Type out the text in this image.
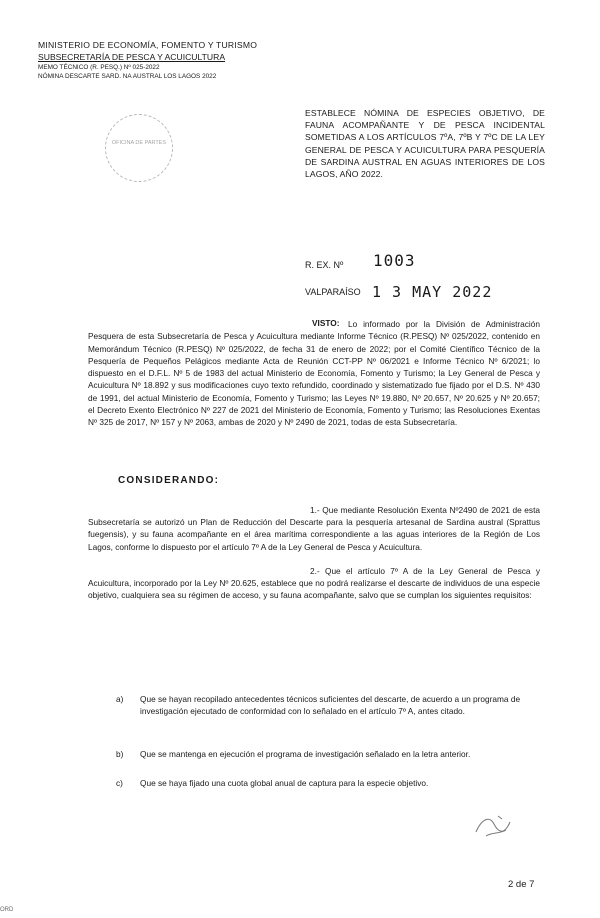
MINISTERIO DE ECONOMÍA, FOMENTO Y TURISMO
SUBSECRETARÍA DE PESCA Y ACUICULTURA
MEMO TÉCNICO (R. PESQ.) Nº 025-2022
NÓMINA DESCARTE SARD. NA AUSTRAL LOS LAGOS 2022
OFICINA DE PARTES
ESTABLECE NÓMINA DE ESPECIES OBJETIVO, DE FAUNA ACOMPAÑANTE Y DE PESCA INCIDENTAL SOMETIDAS A LOS ARTÍCULOS 7ºA, 7ºB Y 7ºC DE LA LEY GENERAL DE PESCA Y ACUICULTURA PARA PESQUERÍA DE SARDINA AUSTRAL EN AGUAS INTERIORES DE LOS LAGOS, AÑO 2022.
R. EX. Nº 1003
VALPARAÍSO 1 3 MAY 2022
VISTO:	Lo informado por la División de Administración Pesquera de esta Subsecretaría de Pesca y Acuicultura mediante Informe Técnico (R.PESQ) Nº 025/2022, contenido en Memorándum Técnico (R.PESQ) Nº 025/2022, de fecha 31 de enero de 2022; por el Comité Científico Técnico de la Pesquería de Pequeños Pelágicos mediante Acta de Reunión CCT-PP Nº 06/2021 e Informe Técnico Nº 6/2021; lo dispuesto en el D.F.L. Nº 5 de 1983 del actual Ministerio de Economía, Fomento y Turismo; la Ley General de Pesca y Acuicultura Nº 18.892 y sus modificaciones cuyo texto refundido, coordinado y sistematizado fue fijado por el D.S. Nº 430 de 1991, del actual Ministerio de Economía, Fomento y Turismo; las Leyes Nº 19.880, Nº 20.657, Nº 20.625 y Nº 20.657; el Decreto Exento Electrónico Nº 227 de 2021 del Ministerio de Economía, Fomento y Turismo; las Resoluciones Exentas Nº 325 de 2017, Nº 157 y Nº 2063, ambas de 2020 y Nº 2490 de 2021, todas de esta Subsecretaría.
CONSIDERANDO:
1.- Que mediante Resolución Exenta Nº2490 de 2021 de esta Subsecretaría se autorizó un Plan de Reducción del Descarte para la pesquería artesanal de Sardina austral (Sprattus fuegensis), y su fauna acompañante en el área marítima correspondiente a las aguas interiores de la Región de Los Lagos, conforme lo dispuesto por el artículo 7º A de la Ley General de Pesca y Acuicultura.
2.- Que el artículo 7º A de la Ley General de Pesca y Acuicultura, incorporado por la Ley Nº 20.625, establece que no podrá realizarse el descarte de individuos de una especie objetivo, cualquiera sea su régimen de acceso, y su fauna acompañante, salvo que se cumplan los siguientes requisitos:
a)	Que se hayan recopilado antecedentes técnicos suficientes del descarte, de acuerdo a un programa de investigación ejecutado de conformidad con lo señalado en el artículo 7º A, antes citado.
b)	Que se mantenga en ejecución el programa de investigación señalado en la letra anterior.
c)	Que se haya fijado una cuota global anual de captura para la especie objetivo.
2 de 7
ORD
